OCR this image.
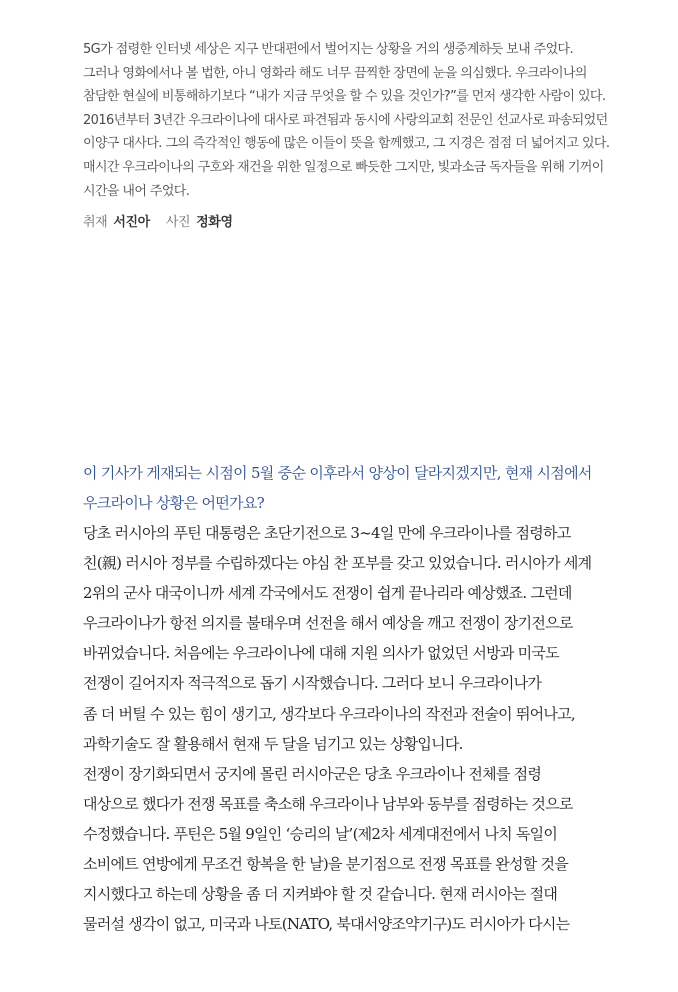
5G가 점령한 인터넷 세상은 지구 반대편에서 벌어지는 상황을 거의 생중계하듯 보내 주었다.
그러나 영화에서나 볼 법한, 아니 영화라 해도 너무 끔찍한 장면에 눈을 의심했다. 우크라이나의
참담한 현실에 비통해하기보다 “내가 지금 무엇을 할 수 있을 것인가?”를 먼저 생각한 사람이 있다.
2016년부터 3년간 우크라이나에 대사로 파견됨과 동시에 사랑의교회 전문인 선교사로 파송되었던
이양구 대사다. 그의 즉각적인 행동에 많은 이들이 뜻을 함께했고, 그 지경은 점점 더 넓어지고 있다.
매시간 우크라이나의 구호와 재건을 위한 일정으로 빠듯한 그지만, 빛과소금 독자들을 위해 기꺼이
시간을 내어 주었다.
취재 서진아 사진 정화영
이 기사가 게재되는 시점이 5월 중순 이후라서 양상이 달라지겠지만, 현재 시점에서
우크라이나 상황은 어떤가요?
당초 러시아의 푸틴 대통령은 초단기전으로 3~4일 만에 우크라이나를 점령하고
친(親) 러시아 정부를 수립하겠다는 야심 찬 포부를 갖고 있었습니다. 러시아가 세계
2위의 군사 대국이니까 세계 각국에서도 전쟁이 쉽게 끝나리라 예상했죠. 그런데
우크라이나가 항전 의지를 불태우며 선전을 해서 예상을 깨고 전쟁이 장기전으로
바뀌었습니다. 처음에는 우크라이나에 대해 지원 의사가 없었던 서방과 미국도
전쟁이 길어지자 적극적으로 돕기 시작했습니다. 그러다 보니 우크라이나가
좀 더 버틸 수 있는 힘이 생기고, 생각보다 우크라이나의 작전과 전술이 뛰어나고,
과학기술도 잘 활용해서 현재 두 달을 넘기고 있는 상황입니다.
전쟁이 장기화되면서 궁지에 몰린 러시아군은 당초 우크라이나 전체를 점령
대상으로 했다가 전쟁 목표를 축소해 우크라이나 남부와 동부를 점령하는 것으로
수정했습니다. 푸틴은 5월 9일인 ‘승리의 날’(제2차 세계대전에서 나치 독일이
소비에트 연방에게 무조건 항복을 한 날)을 분기점으로 전쟁 목표를 완성할 것을
지시했다고 하는데 상황을 좀 더 지켜봐야 할 것 같습니다. 현재 러시아는 절대
물러설 생각이 없고, 미국과 나토(NATO, 북대서양조약기구)도 러시아가 다시는
